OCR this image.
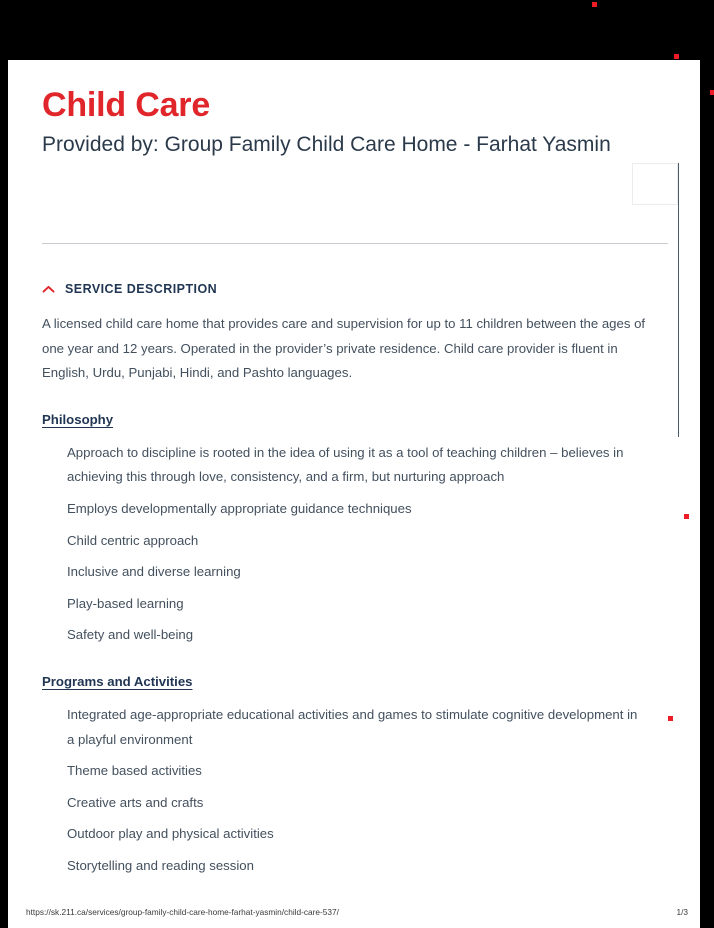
Child Care
Provided by: Group Family Child Care Home - Farhat Yasmin
SERVICE DESCRIPTION

A licensed child care home that provides care and supervision for up to 11 children between the ages of one year and 12 years. Operated in the provider’s private residence. Child care provider is fluent in English, Urdu, Punjabi, Hindi, and Pashto languages.

Philosophy
Approach to discipline is rooted in the idea of using it as a tool of teaching children – believes in achieving this through love, consistency, and a firm, but nurturing approach
Employs developmentally appropriate guidance techniques
Child centric approach
Inclusive and diverse learning
Play-based learning
Safety and well-being
Programs and Activities
Integrated age-appropriate educational activities and games to stimulate cognitive development in a playful environment
Theme based activities
Creative arts and crafts
Outdoor play and physical activities
Storytelling and reading session
https://sk.211.ca/services/group-family-child-care-home-farhat-yasmin/child-care-537/	1/3
